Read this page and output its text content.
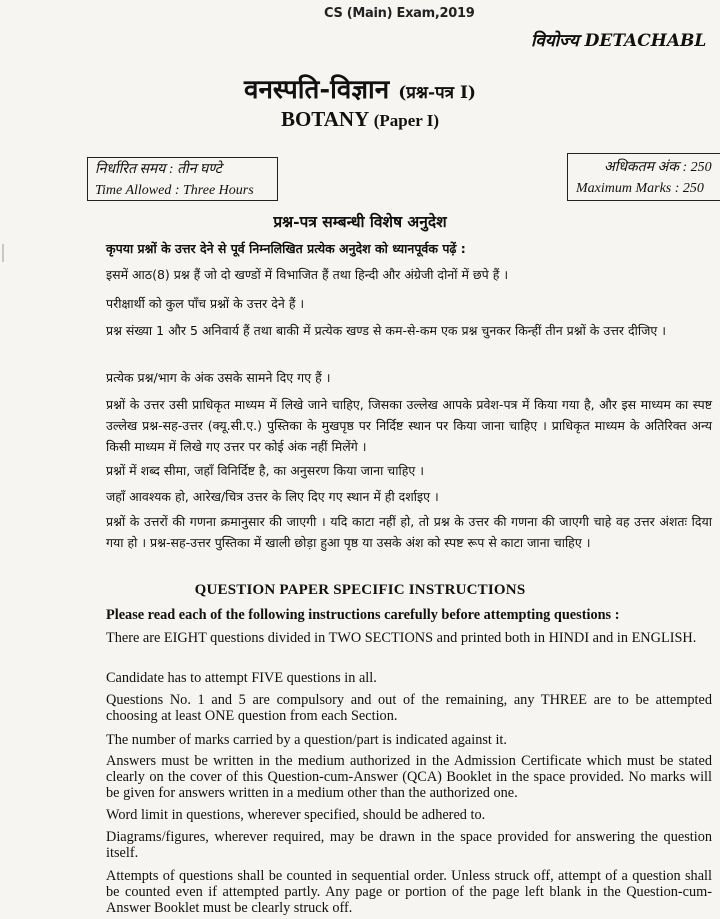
CS (Main) Exam,2019
वियोज्य DETACHABL
वनस्पति-विज्ञान (प्रश्न-पत्र I)
BOTANY (Paper I)
निर्धारित समय : तीन घण्टे
Time Allowed : Three Hours
अधिकतम अंक : 250
Maximum Marks : 250
प्रश्न-पत्र सम्बन्धी विशेष अनुदेश
कृपया प्रश्नों के उत्तर देने से पूर्व निम्नलिखित प्रत्येक अनुदेश को ध्यानपूर्वक पढ़ें :
इसमें आठ(8) प्रश्न हैं जो दो खण्डों में विभाजित हैं तथा हिन्दी और अंग्रेजी दोनों में छपे हैं ।
परीक्षार्थी को कुल पाँच प्रश्नों के उत्तर देने हैं ।
प्रश्न संख्या 1 और 5 अनिवार्य हैं तथा बाकी में प्रत्येक खण्ड से कम-से-कम एक प्रश्न चुनकर किन्हीं तीन प्रश्नों के उत्तर दीजिए ।
प्रत्येक प्रश्न/भाग के अंक उसके सामने दिए गए हैं ।
प्रश्नों के उत्तर उसी प्राधिकृत माध्यम में लिखे जाने चाहिए, जिसका उल्लेख आपके प्रवेश-पत्र में किया गया है, और इस माध्यम का स्पष्ट उल्लेख प्रश्न-सह-उत्तर (क्यू.सी.ए.) पुस्तिका के मुखपृष्ठ पर निर्दिष्ट स्थान पर किया जाना चाहिए । प्राधिकृत माध्यम के अतिरिक्त अन्य किसी माध्यम में लिखे गए उत्तर पर कोई अंक नहीं मिलेंगे ।
प्रश्नों में शब्द सीमा, जहाँ विनिर्दिष्ट है, का अनुसरण किया जाना चाहिए ।
जहाँ आवश्यक हो, आरेख/चित्र उत्तर के लिए दिए गए स्थान में ही दर्शाइए ।
प्रश्नों के उत्तरों की गणना क्रमानुसार की जाएगी । यदि काटा नहीं हो, तो प्रश्न के उत्तर की गणना की जाएगी चाहे वह उत्तर अंशतः दिया गया हो । प्रश्न-सह-उत्तर पुस्तिका में खाली छोड़ा हुआ पृष्ठ या उसके अंश को स्पष्ट रूप से काटा जाना चाहिए ।
QUESTION PAPER SPECIFIC INSTRUCTIONS
Please read each of the following instructions carefully before attempting questions :
There are EIGHT questions divided in TWO SECTIONS and printed both in HINDI and in ENGLISH.
Candidate has to attempt FIVE questions in all.
Questions No. 1 and 5 are compulsory and out of the remaining, any THREE are to be attempted choosing at least ONE question from each Section.
The number of marks carried by a question/part is indicated against it.
Answers must be written in the medium authorized in the Admission Certificate which must be stated clearly on the cover of this Question-cum-Answer (QCA) Booklet in the space provided. No marks will be given for answers written in a medium other than the authorized one.
Word limit in questions, wherever specified, should be adhered to.
Diagrams/figures, wherever required, may be drawn in the space provided for answering the question itself.
Attempts of questions shall be counted in sequential order. Unless struck off, attempt of a question shall be counted even if attempted partly. Any page or portion of the page left blank in the Question-cum-Answer Booklet must be clearly struck off.
